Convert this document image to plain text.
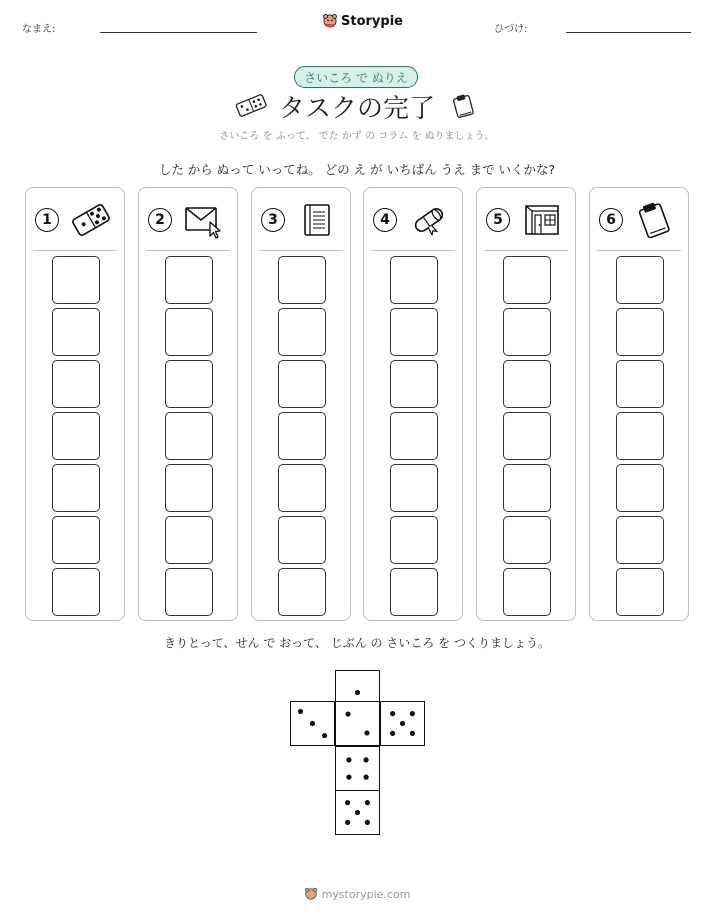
なまえ:
Storypie
ひづけ:
さいころ で ぬりえ
タスクの完了
さいころ を ふって、 でた かず の コラム を ぬりましょう。
した から ぬって いってね。 どの え が いちばん うえ まで いくかな?
1	2	3	4	5	6
きりとって、せん で おって、 じぶん の さいころ を つくりましょう。
mystorypie.com
